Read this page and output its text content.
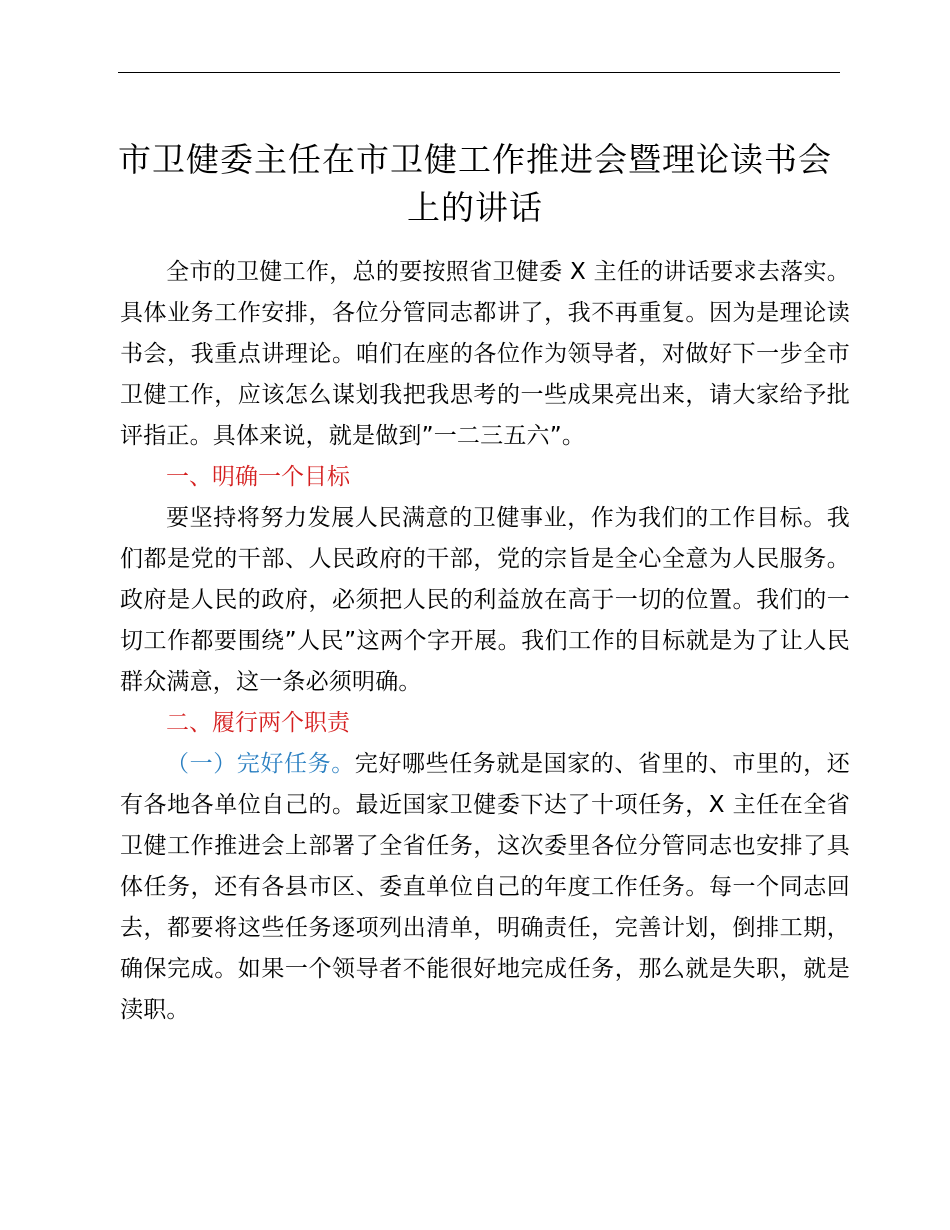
市卫健委主任在市卫健工作推进会暨理论读书会
上的讲话

全市的卫健工作，总的要按照省卫健委 X 主任的讲话要求去落实。具体业务工作安排，各位分管同志都讲了，我不再重复。因为是理论读书会，我重点讲理论。咱们在座的各位作为领导者，对做好下一步全市卫健工作，应该怎么谋划我把我思考的一些成果亮出来，请大家给予批评指正。具体来说，就是做到”一二三五六”。

一、明确一个目标

要坚持将努力发展人民满意的卫健事业，作为我们的工作目标。我们都是党的干部、人民政府的干部，党的宗旨是全心全意为人民服务。政府是人民的政府，必须把人民的利益放在高于一切的位置。我们的一切工作都要围绕”人民”这两个字开展。我们工作的目标就是为了让人民群众满意，这一条必须明确。

二、履行两个职责

（一）完好任务。完好哪些任务就是国家的、省里的、市里的，还有各地各单位自己的。最近国家卫健委下达了十项任务，X 主任在全省卫健工作推进会上部署了全省任务，这次委里各位分管同志也安排了具体任务，还有各县市区、委直单位自己的年度工作任务。每一个同志回去，都要将这些任务逐项列出清单，明确责任，完善计划，倒排工期，确保完成。如果一个领导者不能很好地完成任务，那么就是失职，就是渎职。
